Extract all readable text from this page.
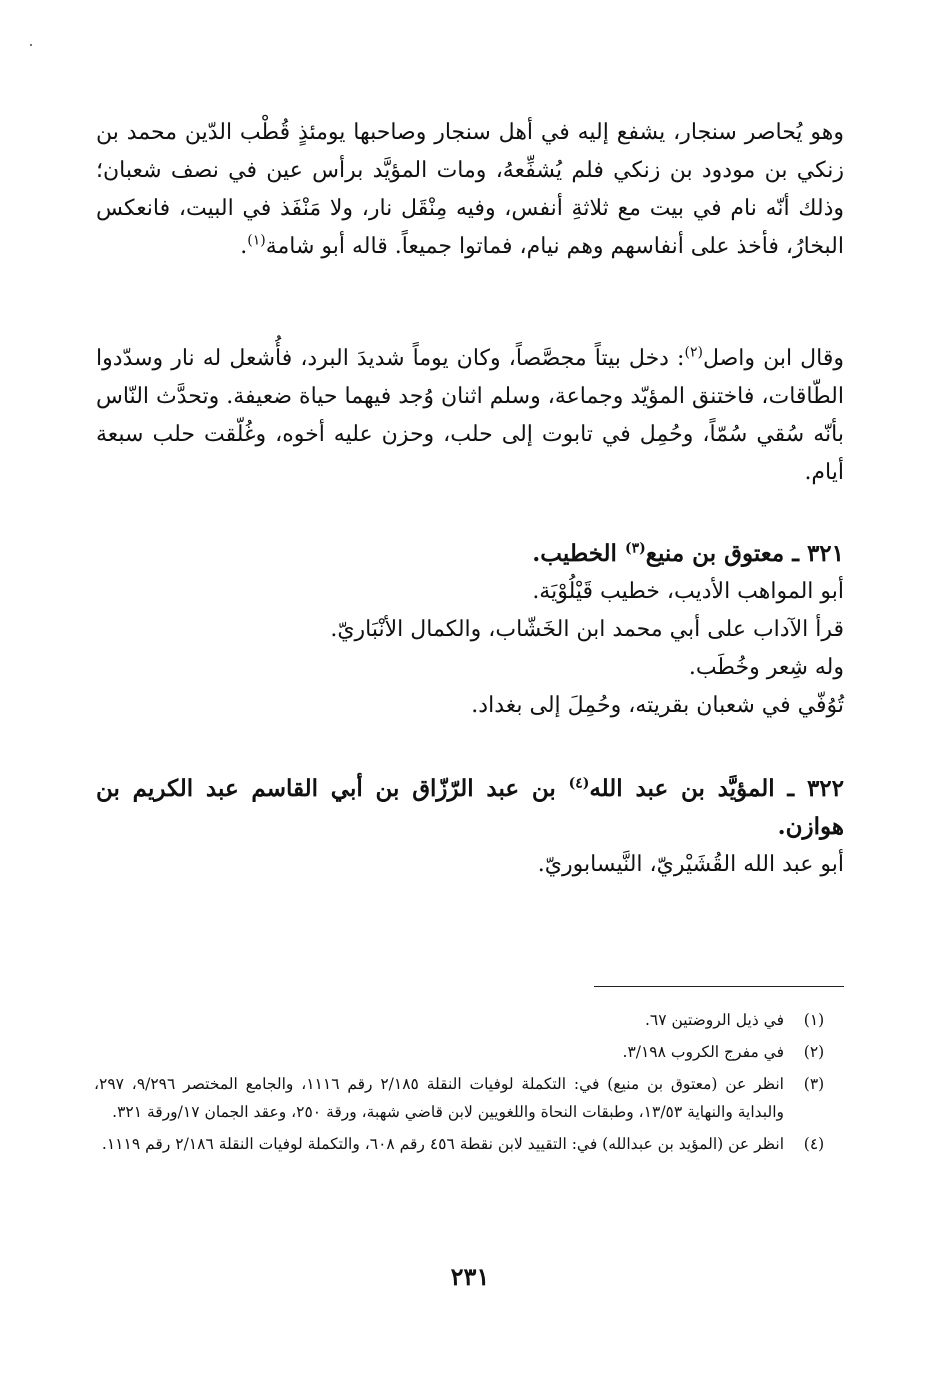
وهو يُحاصر سنجار، يشفع إليه في أهل سنجار وصاحبها يومئذٍ قُطْب الدّين محمد بن زنكي بن مودود بن زنكي فلم يُشفِّعهُ، ومات المؤيَّد برأس عين في نصف شعبان؛ وذلك أنّه نام في بيت مع ثلاثةِ أنفس، وفيه مِنْقَل نار، ولا مَنْفَذ في البيت، فانعكس البخارُ، فأخذ على أنفاسهم وهم نيام، فماتوا جميعاً. قاله أبو شامة$^{(١)}$.

وقال ابن واصل$^{(٢)}$: دخل بيتاً مجصَّصاً، وكان يوماً شديدَ البرد، فأُشعل له نار وسدّدوا الطّاقات، فاختنق المؤيّد وجماعة، وسلم اثنان وُجد فيهما حياة ضعيفة. وتحدَّث النّاس بأنّه سُقي سُمّاً، وحُمِل في تابوت إلى حلب، وحزن عليه أخوه، وغُلّقت حلب سبعة أيام.

٣٢١ ـ معتوق بن منيع$^{(٣)}$ الخطيب.

أبو المواهب الأديب، خطيب قَيْلُوْيَة.

قرأ الآداب على أبي محمد ابن الخَشّاب، والكمال الأنْبَاريّ.

وله شِعر وخُطَب.

تُوُفّي في شعبان بقريته، وحُمِلَ إلى بغداد.

٣٢٢ ـ المؤيَّد بن عبد الله$^{(٤)}$ بن عبد الرّزّاق بن أبي القاسم عبد الكريم بن هوازن.

أبو عبد الله القُشَيْريّ، النَّيسابوريّ.

(١)
في ذيل الروضتين ٦٧.
(٢)
في مفرج الكروب ٣/١٩٨.
(٣)
انظر عن (معتوق بن منيع) في: التكملة لوفيات النقلة ٢/١٨٥ رقم ١١١٦، والجامع المختصر ٩/٢٩٦، ٢٩٧، والبداية والنهاية ١٣/٥٣، وطبقات النحاة واللغويين لابن قاضي شهبة، ورقة ٢٥٠، وعقد الجمان ١٧/ورقة ٣٢١.
(٤)
انظر عن (المؤيد بن عبدالله) في: التقييد لابن نقطة ٤٥٦ رقم ٦٠٨، والتكملة لوفيات النقلة ٢/١٨٦ رقم ١١١٩.
٢٣١
